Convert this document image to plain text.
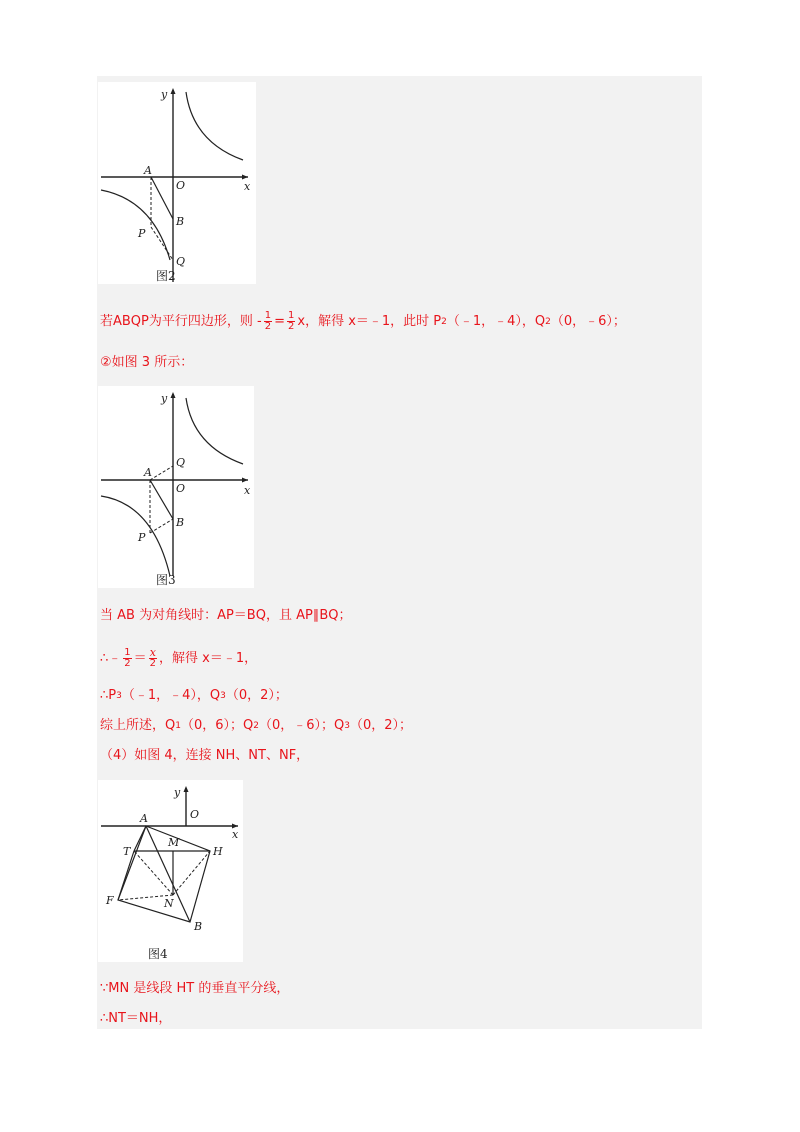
y
x
A
O
B
P
Q
图2
若ABQP为平行四边形，则 - $\frac{1}{2} = \frac{1}{2}$ x，解得 x＝﹣1，此时 P 2 （﹣1，﹣4），Q 2 （0，﹣6）；
②如图 3 所示：
y
x
Q
A
O
B
P
图3
当 AB 为对角线时：AP＝BQ，且 AP∥BQ；
∴﹣ $\frac{1}{2} = \frac{x}{2}$ ，解得 x＝﹣1，
∴P 3 （﹣1，﹣4），Q 3 （0，2）；
综上所述，Q 1 （0，6）；Q 2 （0，﹣6）；Q 3 （0，2）；
（4）如图 4，连接 NH、NT、NF，
y
x
A	O
T
M
H
F	N
B
图4
∵MN 是线段 HT 的垂直平分线，
∴NT＝NH，
